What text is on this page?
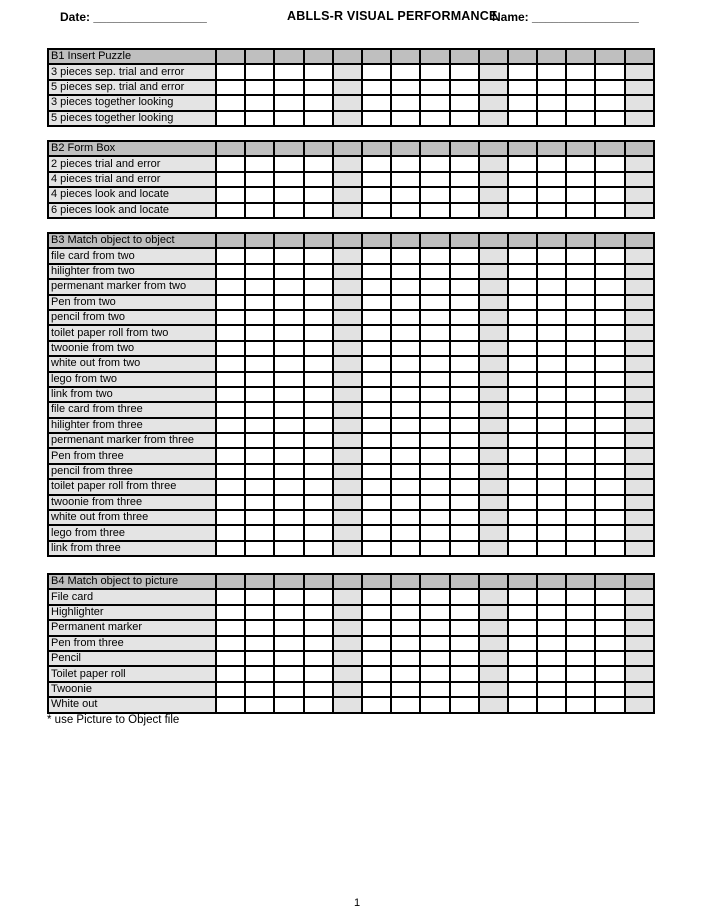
Date: _________________	ABLLS-R VISUAL PERFORMANCE
Name: ________________
B1 Insert Puzzle															
3 pieces sep. trial and error															
5 pieces sep. trial and error															
3 pieces together looking															
5 pieces together looking															
B2 Form Box															
2 pieces trial and error															
4 pieces trial and error															
4 pieces look and locate															
6 pieces look and locate															
B3 Match object to object															
file card from two															
hilighter from two															
permenant marker from two															
Pen from two															
pencil from two															
toilet paper roll from two															
twoonie from two															
white out from two															
lego from two															
link from two															
file card from three															
hilighter from three															
permenant marker from three															
Pen from three															
pencil from three															
toilet paper roll from three															
twoonie from three															
white out from three															
lego from three															
link from three															
B4 Match object to picture															
File card															
Highlighter															
Permanent marker															
Pen from three															
Pencil															
Toilet paper roll															
Twoonie															
White out															
* use Picture to Object file
1
